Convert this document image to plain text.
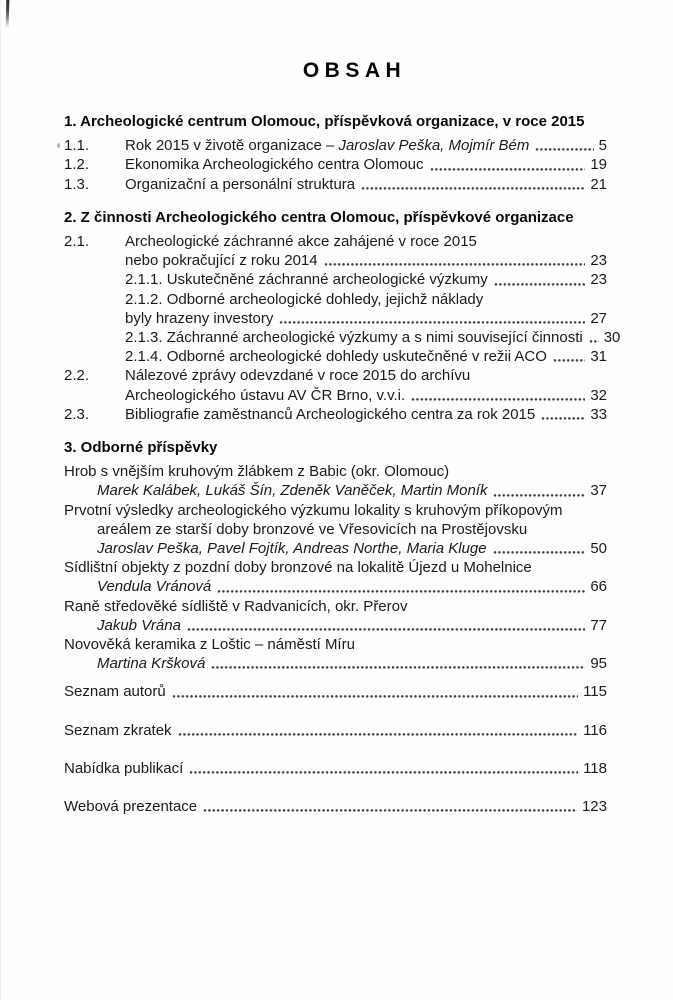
OBSAH
1. Archeologické centrum Olomouc, příspěvková organizace, v roce 2015
1.1.	Rok 2015 v životě organizace – Jaroslav Peška, Mojmír Bém	5
1.2.	Ekonomika Archeologického centra Olomouc	19
1.3.	Organizační a personální struktura	21
2. Z činnosti Archeologického centra Olomouc, příspěvkové organizace
2.1.	Archeologické záchranné akce zahájené v roce 2015
nebo pokračující z roku 2014	23
2.1.1. Uskutečněné záchranné archeologické výzkumy	23
2.1.2. Odborné archeologické dohledy, jejichž náklady
byly hrazeny investory	27
2.1.3. Záchranné archeologické výzkumy a s nimi související činnosti 30
2.1.4. Odborné archeologické dohledy uskutečněné v režii ACO	31
2.2.	Nálezové zprávy odevzdané v roce 2015 do archívu
Archeologického ústavu AV ČR Brno, v.v.i.	32
2.3.	Bibliografie zaměstnanců Archeologického centra za rok 2015	33
3. Odborné příspěvky
Hrob s vnějším kruhovým žlábkem z Babic (okr. Olomouc)
Marek Kalábek, Lukáš Šín, Zdeněk Vaněček, Martin Moník	37
Prvotní výsledky archeologického výzkumu lokality s kruhovým příkopovým
areálem ze starší doby bronzové ve Vřesovicích na Prostějovsku
Jaroslav Peška, Pavel Fojtík, Andreas Northe, Maria Kluge	50
Sídlištní objekty z pozdní doby bronzové na lokalitě Újezd u Mohelnice
Vendula Vránová	66
Raně středověké sídliště v Radvanicích, okr. Přerov
Jakub Vrána	77
Novověká keramika z Loštic – náměstí Míru
Martina Kršková	95
Seznam autorů	115
Seznam zkratek	116
Nabídka publikací	118
Webová prezentace	123
